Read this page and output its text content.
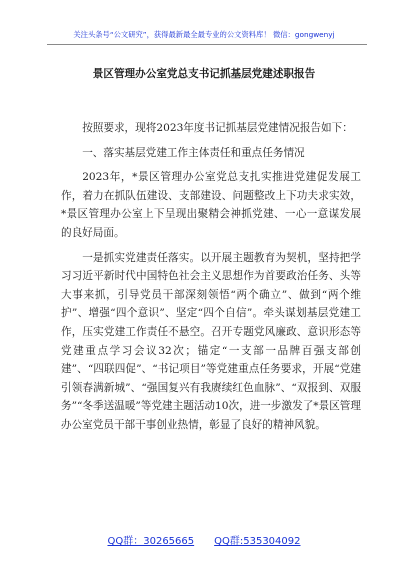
关注头条号“公文研究”，获得最新最全最专业的公文资料库！ 微信：gongwenyj
景区管理办公室党总支书记抓基层党建述职报告

按照要求，现将2023年度书记抓基层党建情况报告如下：

一、落实基层党建工作主体责任和重点任务情况

2023年，*景区管理办公室党总支扎实推进党建促发展工作，着力在抓队伍建设、支部建设、问题整改上下功夫求实效，*景区管理办公室上下呈现出聚精会神抓党建、一心一意谋发展的良好局面。

一是抓实党建责任落实。以开展主题教育为契机，坚持把学习习近平新时代中国特色社会主义思想作为首要政治任务、头等大事来抓，引导党员干部深刻领悟“两个确立”、做到“两个维护”、增强“四个意识”、坚定“四个自信”。牵头谋划基层党建工作，压实党建工作责任不悬空。召开专题党风廉政、意识形态等党建重点学习会议32次；锚定“一支部一品牌百强支部创建”、“四联四促”、“书记项目”等党建重点任务要求，开展“党建引领春满新城”、“强国复兴有我赓续红色血脉”、“双报到、双服务”“冬季送温暖”等党建主题活动10次，进一步激发了*景区管理办公室党员干部干事创业热情，彰显了良好的精神风貌。

QQ群：30265665 QQ群:535304092
